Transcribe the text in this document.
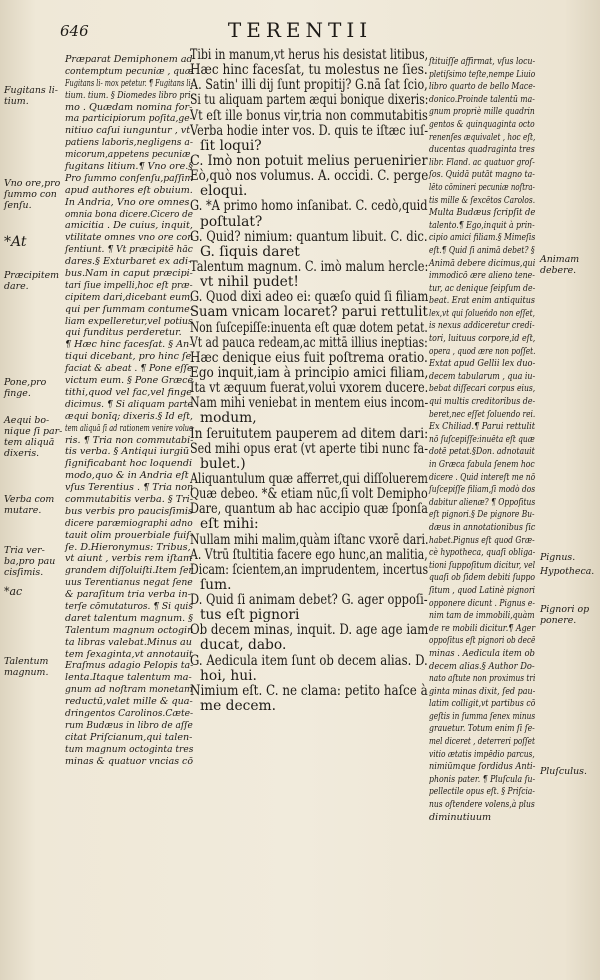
646	TERENTII
Præparat Demiphonem ad
contemptum pecuniæ , quæ
Fugitans li- mox petetur. ¶ Fugitans li-
tium. tium. § Diomedes libro pri-
mo . Quædam nomina for-
ma participiorum poſita,ge-
nitiuo caſui iunguntur , vt
patiens laboris,negligens a-
micorum,appetens pecuniæ,
fugitans litium.¶ Vno ore.§
Pro ſummo conſenſu,paſſim
apud authores eſt obuium.
In Andria, Vno ore omnes
omnia bona dicere.Cicero de
amicitia . De cuius, inquit,
vtilitate omnes vno ore con
ſentiunt. ¶ Vt præcipitē hāc
dares.§ Exturbaret ex adi-
bus.Nam in caput præcipi-
tari ſiue impelli,hoc eſt præ-
cipitem dari,dicebant eum,
qui per ſummam contume-
liam expelleretur,vel potius
qui funditus perderetur.
¶ Hæc hinc facesſat. § An-
tiqui dicebant, pro hinc ſe
faciat & abeat . ¶ Pone eſſe
victum eum. § Pone Græcè
tithi,quod vel fac,vel finge
dicimus. ¶ Si aliquam parte
æqui bonīq; dixeris.§ Id eſt,
tem aliquā ſi ad rationem venire volue
ris. ¶ Tria non commutabi-
tis verba. § Antiqui iurgiū
ſignificabant hoc loquendi
modo,quo & in Andria eſt
vſus Terentius . ¶ Tria non
commutabitis verba. § Tri-
bus verbis pro paucisſimis
dicere paræmiographi adno
tauit olim prouerbiale fuiſ-
ſe. D.Hieronymus: Tribus,
vt aiunt , verbis rem iſtam
grandem diſſoluiſti.Item ſer
uus Terentianus negat ſene
& paraſitum tria verba in-
terſe cōmutaturos. ¶ Si quis
daret talentum magnum. §
Talentum magnum octogin
ta libras valebat.Minus au
tem ſexaginta,vt annotauit
Eraſmus adagio Pelopis ta-
lenta.Itaque talentum ma-
gnum ad noſtram monetam
reductū,valet mille & qua-
dringentos Carolinos.Cæte-
rum Budæus in libro de aſſe
citat Priſcianum,qui talen-
tum magnum octoginta tres
minas & quatuor vncias cō
Tibi in manum,vt herus his desistat litibus,
Hæc hinc facesſat, tu molestus ne ſies.
A. Satin' illi dij ſunt propitij? G.nā ſat ſcio,
Si tu aliquam partem æqui bonique dixeris:
Vt eſt ille bonus vir,tria non commutabitis
Verba hodie inter vos. D. quis te iſtæc iuſ-
ſit loqui?
C. Imò non potuit melius peruenirier
Eò,quò nos volumus. A. occidi. C. perge
eloqui.
G. *A primo homo inſanibat. C. cedò,quid
poſtulat?
G. Quid? nimium: quantum libuit. C. dic.
G. ſiquis daret
Talentum magnum. C. imò malum hercle:
vt nihil pudet!
G. Quod dixi adeo ei: quæſo quid ſi filiam
Suam vnicam locaret? parui rettulit
Non ſuſcepiſſe:inuenta eſt quæ dotem petat.
Vt ad pauca redeam,ac mittā illius ineptias:
Hæc denique eius fuit poſtrema oratio.
Ego inquit,iam à principio amici filiam,
Ita vt æquum fuerat,volui vxorem ducere.
Nam mihi veniebat in mentem eius incom-
modum,
In ſeruitutem pauperem ad ditem dari:
Sed mihi opus erat (vt aperte tibi nunc fa-
bulet.)
Aliquantulum quæ afferret,qui diſſoluerem
Quæ debeo. *& etiam nūc,ſi volt Demipho
Dare, quantum ab hac accipio quæ ſponſa
eſt mihi:
Nullam mihi malim,quàm iſtanc vxorē dari.
A. Vtrū ſtultitia facere ego hunc,an malitia,
Dicam: ſcientem,an imprudentem, incertus
ſum.
D. Quid ſi animam debet? G. ager oppoſi-
tus eſt pignori
Ob decem minas, inquit. D. age age iam
ducat, dabo.
G. Aedicula item ſunt ob decem alias. D.
hoi, hui.
Nimium eſt. C. ne clama: petito haſce à
me decem.
ſtituiſſe affirmat, vſus locu-
pletiſsimo teſte,nempe Liuio
libro quarto de bello Mace-
donico.Proinde talentū ma-
gnum propriè mille quadrin
gentos & quinquaginta octo
renenſes æquivalet , hoc eſt,
ducentas quadraginta tres
libr. Fland. ac quatuor groſ-
ſos. Quidā putāt magno ta-
lēto cōmineri pecuniæ noſtra-
tis mille & ſexcētos Carolos.
Multa Budæus ſcripſit de
talento.¶ Ego,inquit à prin-
cipio amici filiam.§ Mimeſis
eſt.¶ Quid ſi animā debet? §
Animā debere dicimus,qui
immodicō ære alieno tene-
tur, ac denique ſeipſum de-
beat. Erat enim antiquitus
lex,vt qui ſolueńdo non eſſet,
is nexus addiceretur credi-
tori, luituus corpore,id eſt,
opera , quod ære non poſſet.
Extat apud Gellii lex duo-
decem tabularum , qua iu-
bebat diſſecari corpus eius,
qui multis creditoribus de-
beret,nec eſſet ſoluendo rei.
Ex Chiliad.¶ Parui rettulit
nō ſuſcepiſſe:inuēta eſt quæ
dotē petat.§Don. adnotauit
in Græca fabula ſenem hoc
dicere . Quid intereſt me nō
ſuſcepiſſe filiam,ſi modò dos
dabitur alienæ? ¶ Oppoſitus
eſt pignori.§ De pignore Bu-
dæus in annotationibus ſic
habet.Pignus eſt quod Græ-
cè hypotheca, quaſi obliga-
tioni ſuppoſitum dicitur, vel
quaſi ob ſidem debiti ſuppo
ſitum , quod Latinè pignori
opponere dicunt . Pignus e-
nim tam de immobili,quàm
de re mobili dicitur.¶ Ager
oppoſitus eſt pignori ob decē
minas . Aedicula item ob
decem alias.§ Author Do-
nato aſtute non proximus tri
ginta minas dixit, ſed pau-
latim colligit,vt partibus cō
geſtis in ſumma ſenex minus
grauetur. Totum enim ſi ſe-
mel diceret , deterreri poſſet
vitio ætatis impēdio parcus,
nimiūmque ſordidus Anti-
phonis pater. ¶ Pluſcula ſu-
pellectile opus eſt. § Priſcia-
nus oſtendere volens,à plus
diminutiuum
Fugitans li-
tium.
Vno ore,pro
ſummo con
ſenſu.
*At
Præcipitem
dare.
Pone,pro
finge.
Aequi bo-
nique ſi par-
tem aliquā
dixeris.
Verba com
mutare.
Tria ver-
ba,pro pau
cisſimis.
*ac
Talentum
magnum.
Animam
debere.
Pignus.
Hypotheca.
Pignori op
ponere.
Pluſculus.
